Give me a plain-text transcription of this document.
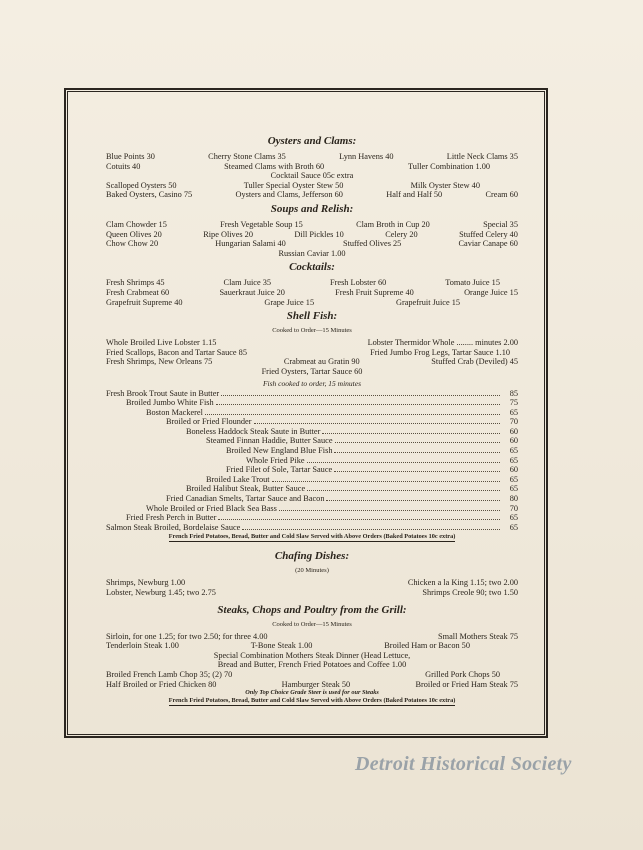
Oysters and Clams:
Blue Points 30	Cherry Stone Clams 35	Lynn Havens 40	Little Neck Clams 35
Cotuits 40	Steamed Clams with Broth 60	Tuller Combination 1.00
Cocktail Sauce 05c extra
Scalloped Oysters 50	Tuller Special Oyster Stew 50	Milk Oyster Stew 40
Baked Oysters, Casino 75	Oysters and Clams, Jefferson 60	Half and Half 50	Cream 60
Soups and Relish:
Clam Chowder 15	Fresh Vegetable Soup 15	Clam Broth in Cup 20	Special 35
Queen Olives 20	Ripe Olives 20	Dill Pickles 10	Celery 20	Stuffed Celery 40
Chow Chow 20	Hungarian Salami 40	Stuffed Olives 25	Caviar Canape 60
Russian Caviar 1.00
Cocktails:
Fresh Shrimps 45	Clam Juice 35	Fresh Lobster 60	Tomato Juice 15
Fresh Crabmeat 60	Sauerkraut Juice 20	Fresh Fruit Supreme 40	Orange Juice 15
Grapefruit Supreme 40	Grape Juice 15	Grapefruit Juice 15
Shell Fish:
Cooked to Order—15 Minutes
Whole Broiled Live Lobster 1.15	Lobster Thermidor Whole ........ minutes 2.00
Fried Scallops, Bacon and Tartar Sauce 85	Fried Jumbo Frog Legs, Tartar Sauce 1.10
Fresh Shrimps, New Orleans 75	Crabmeat au Gratin 90	Stuffed Crab (Deviled) 45
Fried Oysters, Tartar Sauce 60
Fish cooked to order, 15 minutes
Fresh Brook Trout Saute in Butter	85
Broiled Jumbo White Fish	75
Boston Mackerel	65
Broiled or Fried Flounder	70
Boneless Haddock Steak Saute in Butter	60
Steamed Finnan Haddie, Butter Sauce	60
Broiled New England Blue Fish	65
Whole Fried Pike	65
Fried Filet of Sole, Tartar Sauce	60
Broiled Lake Trout	65
Broiled Halibut Steak, Butter Sauce	65
Fried Canadian Smelts, Tartar Sauce and Bacon	80
Whole Broiled or Fried Black Sea Bass	70
Fried Fresh Perch in Butter	65
Salmon Steak Broiled, Bordelaise Sauce	65
French Fried Potatoes, Bread, Butter and Cold Slaw Served with Above Orders (Baked Potatoes 10c extra)
Chafing Dishes:
(20 Minutes)
Shrimps, Newburg 1.00	Chicken a la King 1.15; two 2.00
Lobster, Newburg 1.45; two 2.75	Shrimps Creole 90; two 1.50
Steaks, Chops and Poultry from the Grill:
Cooked to Order—15 Minutes
Sirloin, for one 1.25; for two 2.50; for three 4.00	Small Mothers Steak 75
Tenderloin Steak 1.00	T-Bone Steak 1.00	Broiled Ham or Bacon 50
Special Combination Mothers Steak Dinner (Head Lettuce,
Bread and Butter, French Fried Potatoes and Coffee 1.00
Broiled French Lamb Chop 35; (2) 70	Grilled Pork Chops 50
Half Broiled or Fried Chicken 80	Hamburger Steak 50	Broiled or Fried Ham Steak 75
Only Top Choice Grade Steer is used for our Steaks
French Fried Potatoes, Bread, Butter and Cold Slaw Served with Above Orders (Baked Potatoes 10c extra)
Detroit Historical Society
